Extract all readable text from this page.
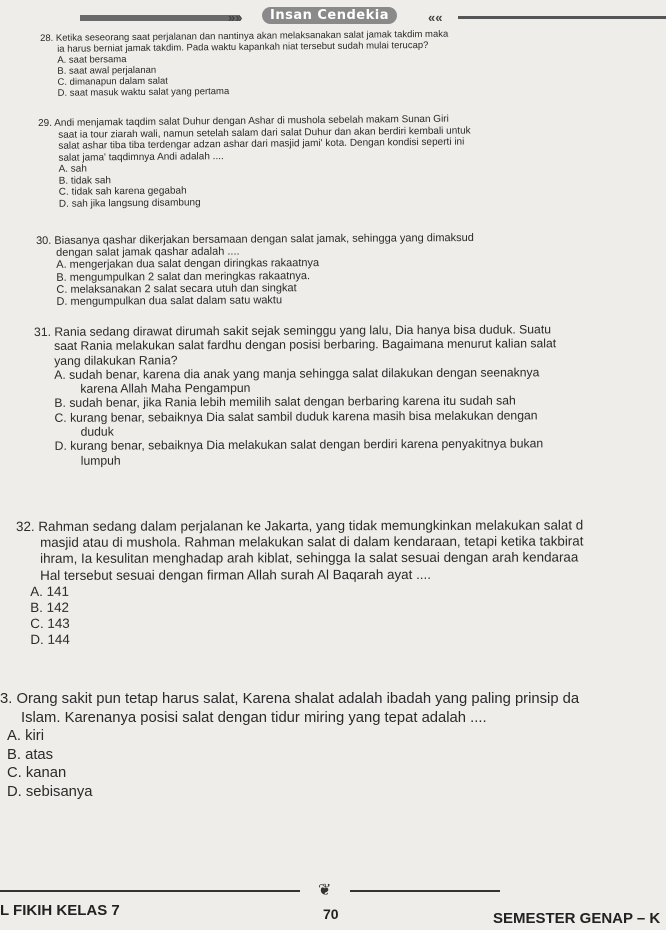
»»	Insan Cendekia	««
28. Ketika seseorang saat perjalanan dan nantinya akan melaksanakan salat jamak takdim maka
ia harus berniat jamak takdim. Pada waktu kapankah niat tersebut sudah mulai terucap?
A. saat bersama
B. saat awal perjalanan
C. dimanapun dalam salat
D. saat masuk waktu salat yang pertama
29. Andi menjamak taqdim salat Duhur dengan Ashar di mushola sebelah makam Sunan Giri
saat ia tour ziarah wali, namun setelah salam dari salat Duhur dan akan berdiri kembali untuk
salat ashar tiba tiba terdengar adzan ashar dari masjid jami' kota. Dengan kondisi seperti ini
salat jama' taqdimnya Andi adalah ....
A. sah
B. tidak sah
C. tidak sah karena gegabah
D. sah jika langsung disambung
30. Biasanya qashar dikerjakan bersamaan dengan salat jamak, sehingga yang dimaksud
dengan salat jamak qashar adalah ....
A. mengerjakan dua salat dengan diringkas rakaatnya
B. mengumpulkan 2 salat dan meringkas rakaatnya.
C. melaksanakan 2 salat secara utuh dan singkat
D. mengumpulkan dua salat dalam satu waktu
31. Rania sedang dirawat dirumah sakit sejak seminggu yang lalu, Dia hanya bisa duduk. Suatu
saat Rania melakukan salat fardhu dengan posisi berbaring. Bagaimana menurut kalian salat
yang dilakukan Rania?
A. sudah benar, karena dia anak yang manja sehingga salat dilakukan dengan seenaknya
karena Allah Maha Pengampun
B. sudah benar, jika Rania lebih memilih salat dengan berbaring karena itu sudah sah
C. kurang benar, sebaiknya Dia salat sambil duduk karena masih bisa melakukan dengan
duduk
D. kurang benar, sebaiknya Dia melakukan salat dengan berdiri karena penyakitnya bukan
lumpuh
32. Rahman sedang dalam perjalanan ke Jakarta, yang tidak memungkinkan melakukan salat d
masjid atau di mushola. Rahman melakukan salat di dalam kendaraan, tetapi ketika takbirat
ihram, Ia kesulitan menghadap arah kiblat, sehingga Ia salat sesuai dengan arah kendaraa
Hal tersebut sesuai dengan firman Allah surah Al Baqarah ayat ....
A. 141
B. 142
C. 143
D. 144
3. Orang sakit pun tetap harus salat, Karena shalat adalah ibadah yang paling prinsip da
Islam. Karenanya posisi salat dengan tidur miring yang tepat adalah ....
A. kiri
B. atas
C. kanan
D. sebisanya
❦
L FIKIH KELAS 7	70	SEMESTER GENAP – K
